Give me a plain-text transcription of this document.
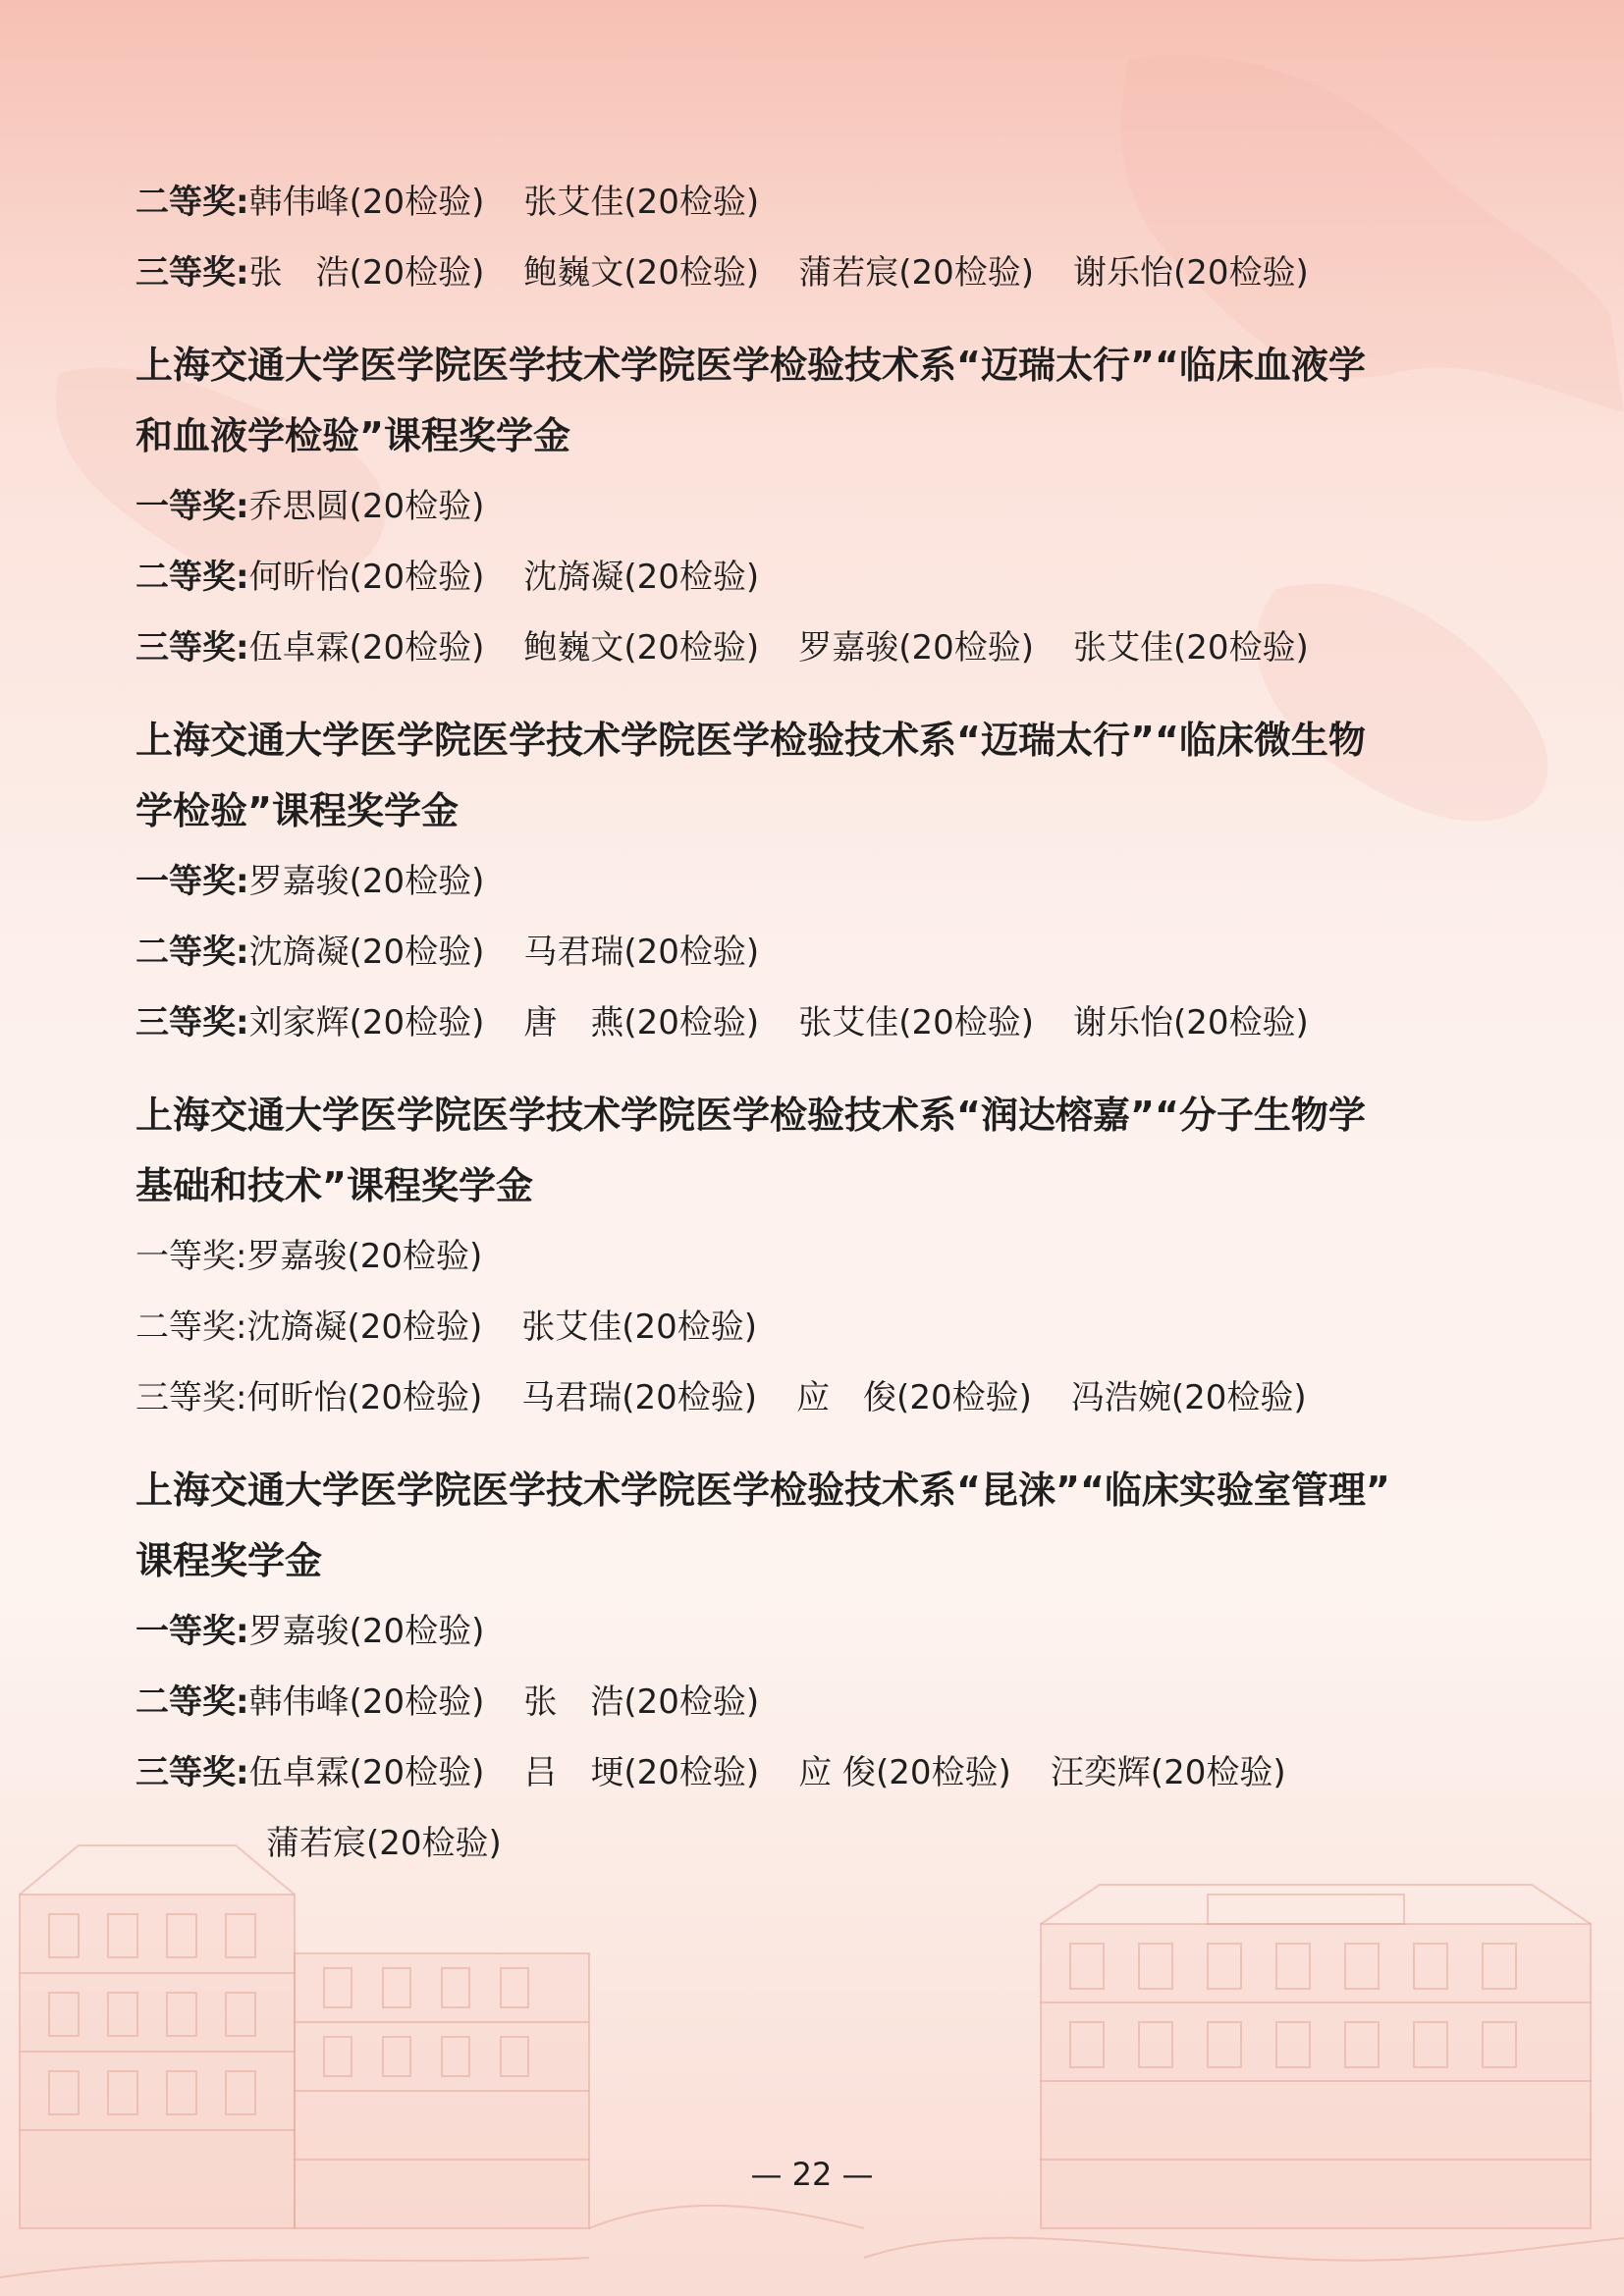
二等奖:韩伟峰(20检验) 张艾佳(20检验)
三等奖:张　浩(20检验) 鲍巍文(20检验) 蒲若宸(20检验) 谢乐怡(20检验)
上海交通大学医学院医学技术学院医学检验技术系“迈瑞太行”“临床血液学
和血液学检验”课程奖学金
一等奖:乔思圆(20检验)
二等奖:何昕怡(20检验) 沈旖凝(20检验)
三等奖:伍卓霖(20检验) 鲍巍文(20检验) 罗嘉骏(20检验) 张艾佳(20检验)
上海交通大学医学院医学技术学院医学检验技术系“迈瑞太行”“临床微生物
学检验”课程奖学金
一等奖:罗嘉骏(20检验)
二等奖:沈旖凝(20检验) 马君瑞(20检验)
三等奖:刘家辉(20检验) 唐　燕(20检验) 张艾佳(20检验) 谢乐怡(20检验)
上海交通大学医学院医学技术学院医学检验技术系“润达榕嘉”“分子生物学
基础和技术”课程奖学金
一等奖:罗嘉骏(20检验)
二等奖:沈旖凝(20检验) 张艾佳(20检验)
三等奖:何昕怡(20检验) 马君瑞(20检验) 应　俊(20检验) 冯浩婉(20检验)
上海交通大学医学院医学技术学院医学检验技术系“昆涞”“临床实验室管理”
课程奖学金
一等奖:罗嘉骏(20检验)
二等奖:韩伟峰(20检验) 张　浩(20检验)
三等奖:伍卓霖(20检验) 吕　埂(20检验) 应 俊(20检验) 汪奕辉(20检验)
蒲若宸(20检验)
— 22 —
